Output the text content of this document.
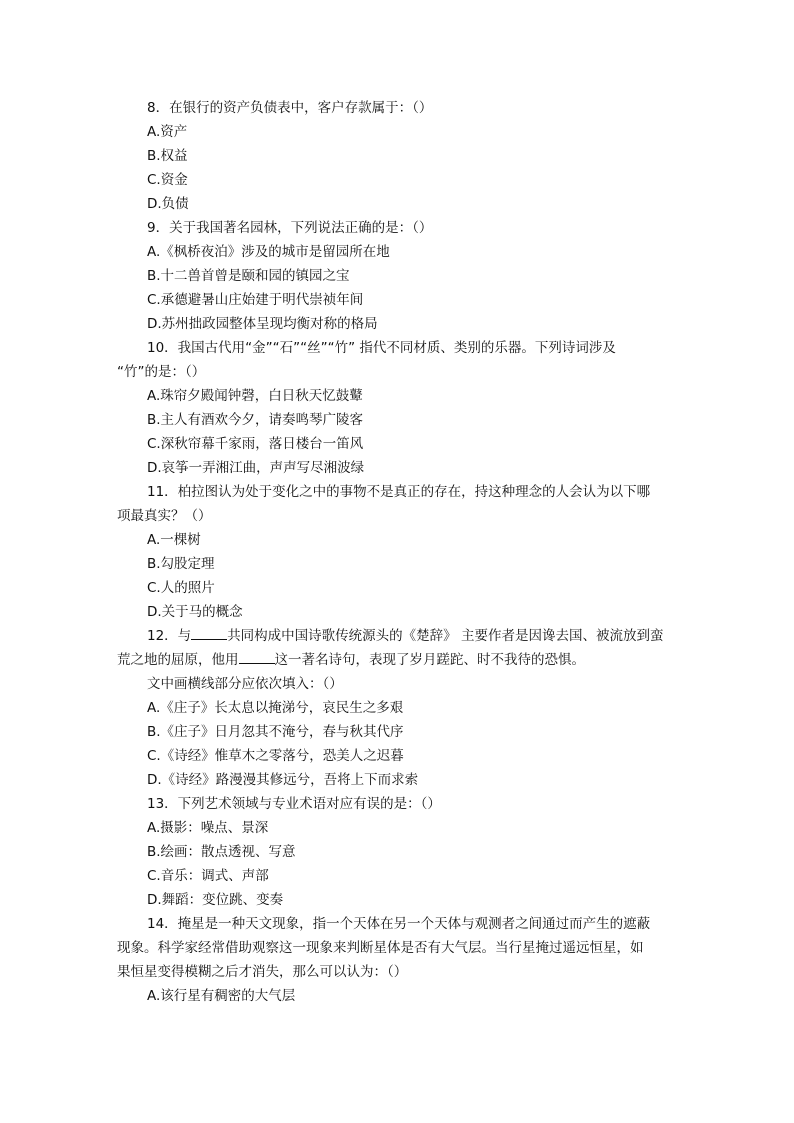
8．在银行的资产负债表中，客户存款属于：（）
A.资产
B.权益
C.资金
D.负债
9．关于我国著名园林，下列说法正确的是：（）
A.《枫桥夜泊》涉及的城市是留园所在地
B.十二兽首曾是颐和园的镇园之宝
C.承德避暑山庄始建于明代崇祯年间
D.苏州拙政园整体呈现均衡对称的格局
10．我国古代用“金”“石”“丝”“竹” 指代不同材质、类别的乐器。下列诗词涉及
“竹”的是：（）
A.珠帘夕殿闻钟磬，白日秋天忆鼓鼙
B.主人有酒欢今夕，请奏鸣琴广陵客
C.深秋帘幕千家雨，落日楼台一笛风
D.哀筝一弄湘江曲，声声写尽湘波绿
11．柏拉图认为处于变化之中的事物不是真正的存在，持这种理念的人会认为以下哪
项最真实？（）
A.一棵树
B.勾股定理
C.人的照片
D.关于马的概念
12．与	共同构成中国诗歌传统源头的《楚辞》 主要作者是因谗去国、被流放到蛮
荒之地的屈原，他用	这一著名诗句，表现了岁月蹉跎、时不我待的恐惧。
文中画横线部分应依次填入：（）
A.《庄子》长太息以掩涕兮，哀民生之多艰
B.《庄子》日月忽其不淹兮，春与秋其代序
C.《诗经》惟草木之零落兮，恐美人之迟暮
D.《诗经》路漫漫其修远兮，吾将上下而求索
13．下列艺术领域与专业术语对应有误的是：（）
A.摄影：噪点、景深
B.绘画：散点透视、写意
C.音乐：调式、声部
D.舞蹈：变位跳、变奏
14．掩星是一种天文现象，指一个天体在另一个天体与观测者之间通过而产生的遮蔽
现象。科学家经常借助观察这一现象来判断星体是否有大气层。当行星掩过遥远恒星，如
果恒星变得模糊之后才消失，那么可以认为：（）
A.该行星有稠密的大气层
